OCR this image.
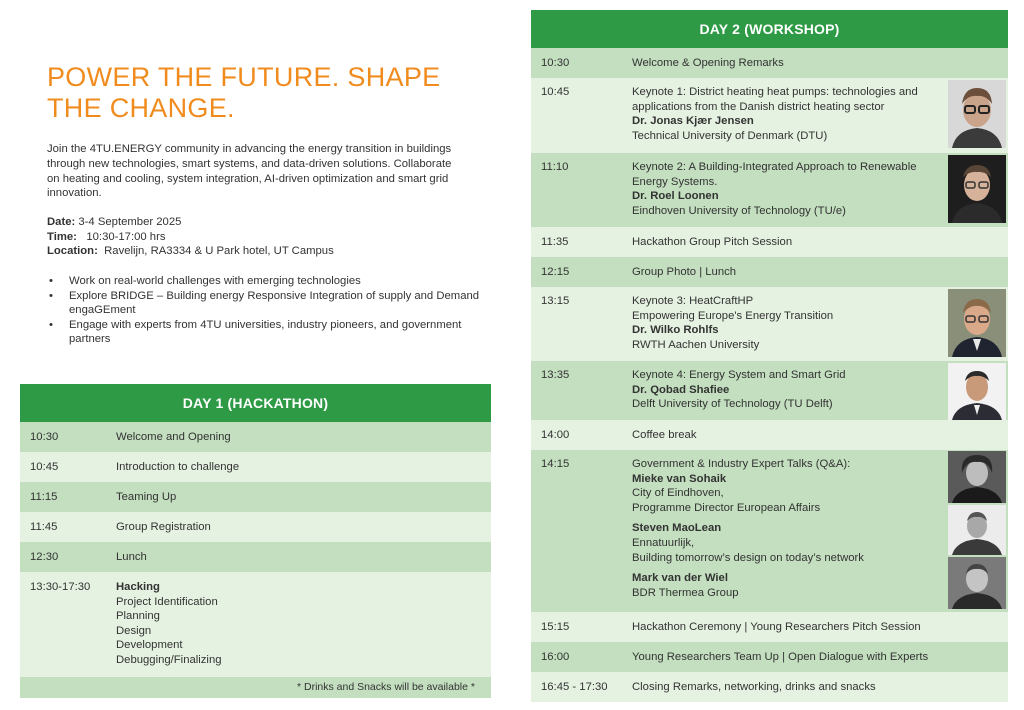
POWER THE FUTURE. SHAPE THE CHANGE.

Join the 4TU.ENERGY community in advancing the energy transition in buildings through new technologies, smart systems, and data-driven solutions. Collaborate on heating and cooling, system integration, AI-driven optimization and smart grid innovation.

Date: 3-4 September 2025
Time: 10:30-17:00 hrs
Location: Ravelijn, RA3334 & U Park hotel, UT Campus
• Work on real-world challenges with emerging technologies
• Explore BRIDGE – Building energy Responsive Integration of supply and Demand engaGEment
• Engage with experts from 4TU universities, industry pioneers, and government partners
DAY 1 (HACKATHON)
10:30	Welcome and Opening
10:45	Introduction to challenge
11:15	Teaming Up
11:45	Group Registration
12:30	Lunch
13:30-17:30	Hacking
Project Identification
Planning
Design
Development
Debugging/Finalizing
* Drinks and Snacks will be available *
DAY 2 (WORKSHOP)
10:30	Welcome & Opening Remarks
10:45	Keynote 1: District heating heat pumps: technologies and applications from the Danish district heating sector
Dr. Jonas Kjær Jensen
Technical University of Denmark (DTU)
11:10	Keynote 2: A Building-Integrated Approach to Renewable Energy Systems.
Dr. Roel Loonen
Eindhoven University of Technology (TU/e)
11:35	Hackathon Group Pitch Session
12:15	Group Photo | Lunch
13:15	Keynote 3: HeatCraftHP
Empowering Europe's Energy Transition
Dr. Wilko Rohlfs
RWTH Aachen University
13:35	Keynote 4: Energy System and Smart Grid
Dr. Qobad Shafiee
Delft University of Technology (TU Delft)
14:00	Coffee break
14:15	Government & Industry Expert Talks (Q&A):
Mieke van Sohaik
City of Eindhoven,
Programme Director European Affairs
Steven MaoLean
Ennatuurlijk,
Building tomorrow’s design on today’s network
Mark van der Wiel
BDR Thermea Group
15:15	Hackathon Ceremony | Young Researchers Pitch Session
16:00	Young Researchers Team Up | Open Dialogue with Experts
16:45 - 17:30	Closing Remarks, networking, drinks and snacks
